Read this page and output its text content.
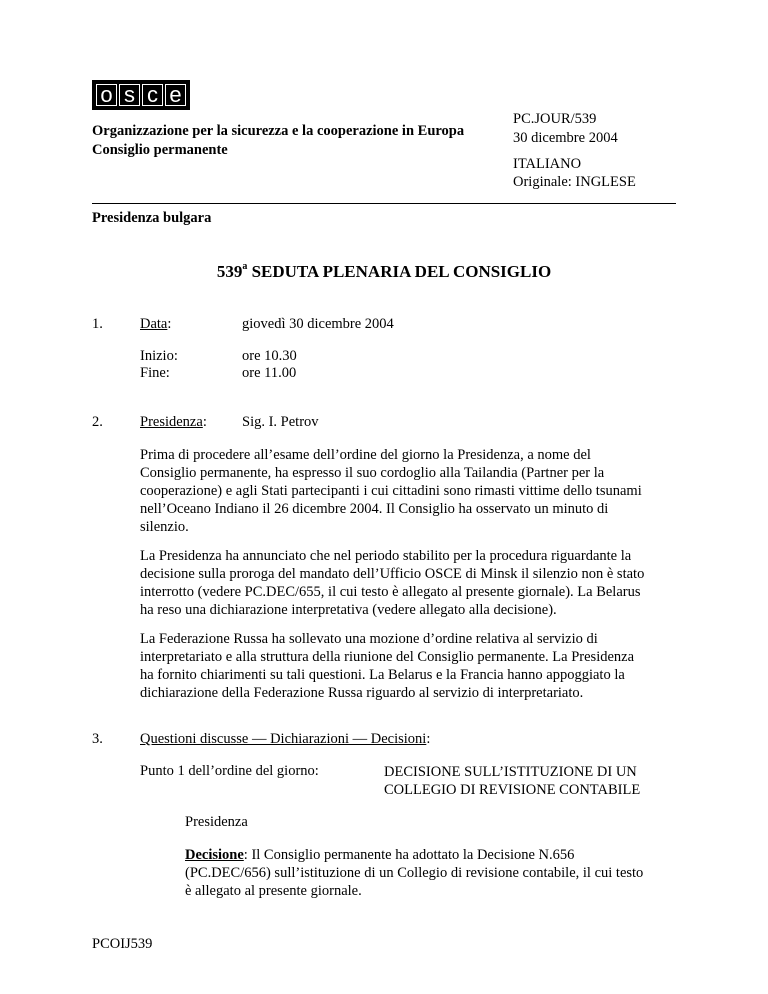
o s c e
Organizzazione per la sicurezza e la cooperazione in Europa
Consiglio permanente
PC.JOUR/539
30 dicembre 2004
ITALIANO
Originale: INGLESE
Presidenza bulgara
539$^a$ SEDUTA PLENARIA DEL CONSIGLIO
1.	Data:	giovedì 30 dicembre 2004
Inizio:	ore 10.30
Fine:	ore 11.00
2.	Presidenza: Sig. I. Petrov
Prima di procedere all’esame dell’ordine del giorno la Presidenza, a nome del
Consiglio permanente, ha espresso il suo cordoglio alla Tailandia (Partner per la
cooperazione) e agli Stati partecipanti i cui cittadini sono rimasti vittime dello tsunami
nell’Oceano Indiano il 26 dicembre 2004. Il Consiglio ha osservato un minuto di
silenzio.
La Presidenza ha annunciato che nel periodo stabilito per la procedura riguardante la
decisione sulla proroga del mandato dell’Ufficio OSCE di Minsk il silenzio non è stato
interrotto (vedere PC.DEC/655, il cui testo è allegato al presente giornale). La Belarus
ha reso una dichiarazione interpretativa (vedere allegato alla decisione).
La Federazione Russa ha sollevato una mozione d’ordine relativa al servizio di
interpretariato e alla struttura della riunione del Consiglio permanente. La Presidenza
ha fornito chiarimenti su tali questioni. La Belarus e la Francia hanno appoggiato la
dichiarazione della Federazione Russa riguardo al servizio di interpretariato.
3.	Questioni discusse — Dichiarazioni — Decisioni:
Punto 1 dell’ordine del giorno:	DECISIONE SULL’ISTITUZIONE DI UN
COLLEGIO DI REVISIONE CONTABILE
Presidenza
Decisione: Il Consiglio permanente ha adottato la Decisione N.656
(PC.DEC/656) sull’istituzione di un Collegio di revisione contabile, il cui testo
è allegato al presente giornale.
PCOIJ539
